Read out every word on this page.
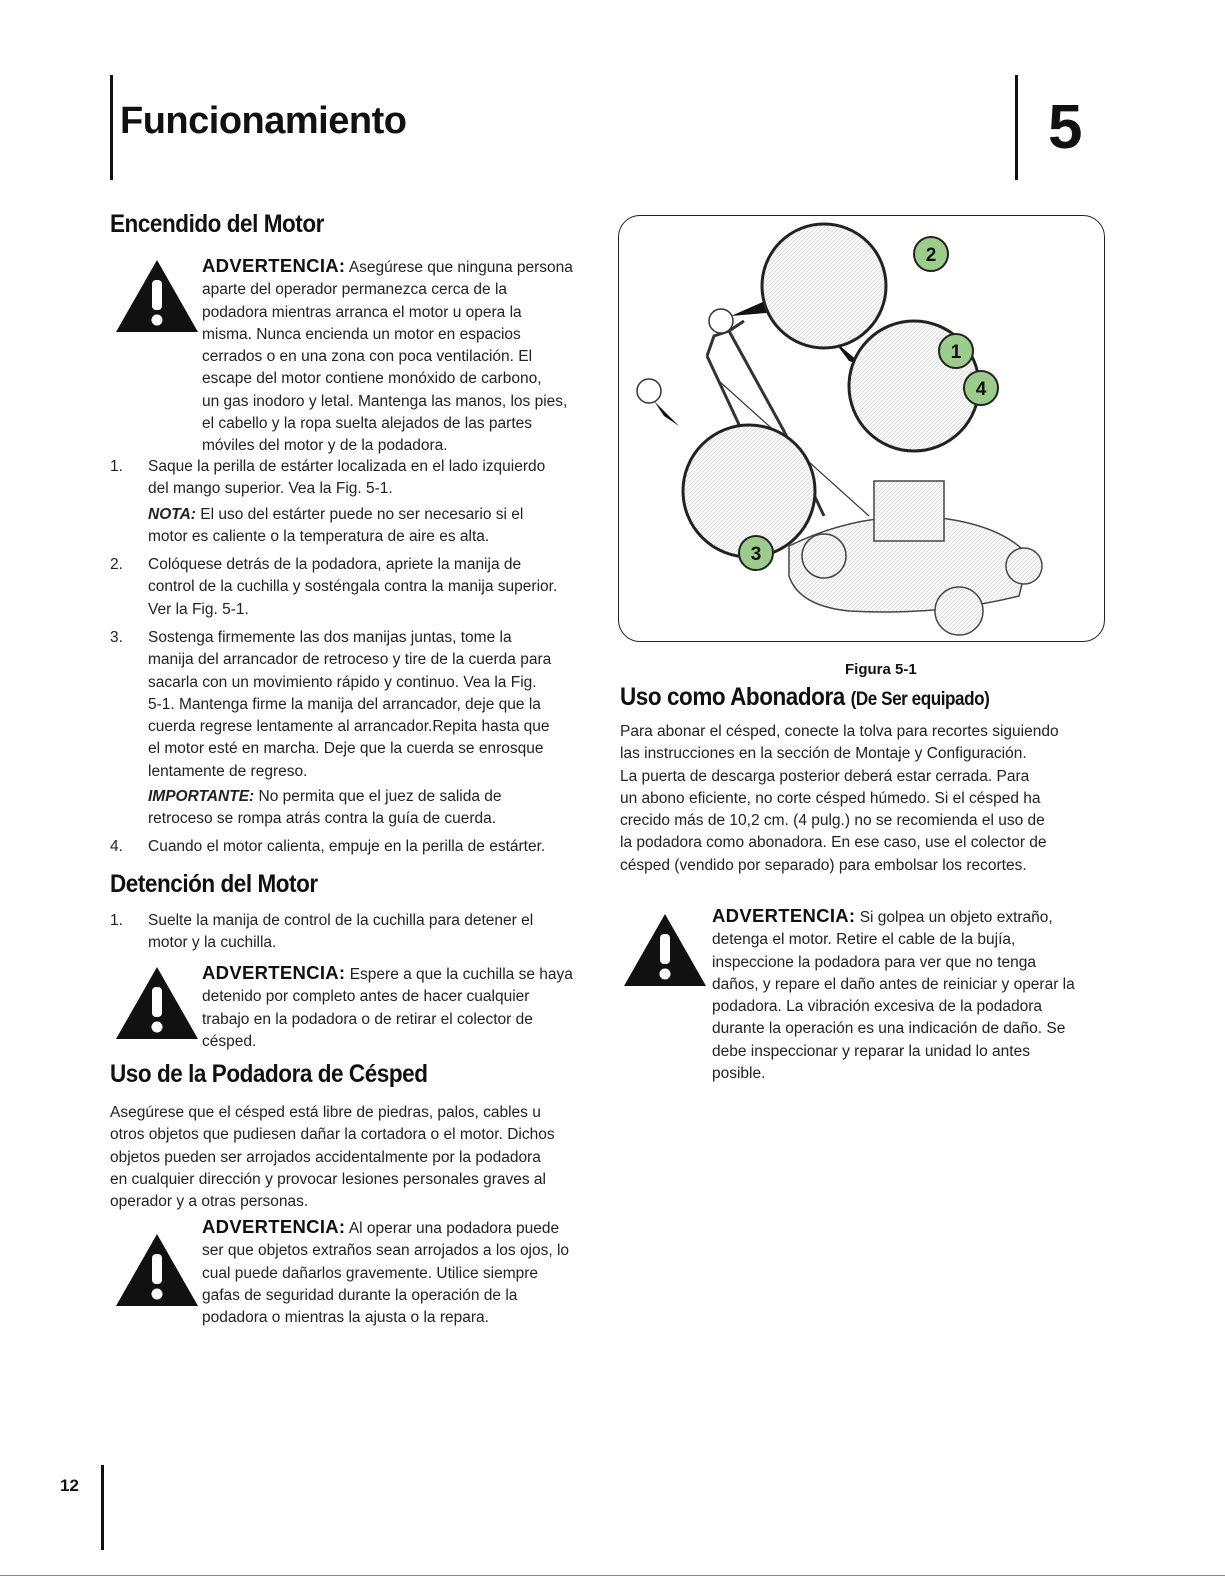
Funcionamiento	5
Encendido del Motor
ADVERTENCIA: Asegúrese que ninguna persona
aparte del operador permanezca cerca de la
podadora mientras arranca el motor u opera la
misma. Nunca encienda un motor en espacios
cerrados o en una zona con poca ventilación. El
escape del motor contiene monóxido de carbono,
un gas inodoro y letal. Mantenga las manos, los pies,
el cabello y la ropa suelta alejados de las partes
móviles del motor y de la podadora.
1. Saque la perilla de estárter localizada en el lado izquierdo
del mango superior. Vea la Fig. 5-1.
NOTA: El uso del estárter puede no ser necesario si el
motor es caliente o la temperatura de aire es alta.
2. Colóquese detrás de la podadora, apriete la manija de
control de la cuchilla y sosténgala contra la manija superior.
Ver la Fig. 5-1.
3. Sostenga firmemente las dos manijas juntas, tome la
manija del arrancador de retroceso y tire de la cuerda para
sacarla con un movimiento rápido y continuo. Vea la Fig.
5-1. Mantenga firme la manija del arrancador, deje que la
cuerda regrese lentamente al arrancador.Repita hasta que
el motor esté en marcha. Deje que la cuerda se enrosque
lentamente de regreso.
IMPORTANTE: No permita que el juez de salida de
retroceso se rompa atrás contra la guía de cuerda.
4. Cuando el motor calienta, empuje en la perilla de estárter.
Detención del Motor
1. Suelte la manija de control de la cuchilla para detener el
motor y la cuchilla.
ADVERTENCIA: Espere a que la cuchilla se haya
detenido por completo antes de hacer cualquier
trabajo en la podadora o de retirar el colector de
césped.
Uso de la Podadora de Césped
Asegúrese que el césped está libre de piedras, palos, cables u
otros objetos que pudiesen dañar la cortadora o el motor. Dichos
objetos pueden ser arrojados accidentalmente por la podadora
en cualquier dirección y provocar lesiones personales graves al
operador y a otras personas.
ADVERTENCIA: Al operar una podadora puede
ser que objetos extraños sean arrojados a los ojos, lo
cual puede dañarlos gravemente. Utilice siempre
gafas de seguridad durante la operación de la
podadora o mientras la ajusta o la repara.
2
1
4
3
Figura 5-1
Uso como Abonadora (De Ser equipado)
Para abonar el césped, conecte la tolva para recortes siguiendo
las instrucciones en la sección de Montaje y Configuración.
La puerta de descarga posterior deberá estar cerrada. Para
un abono eficiente, no corte césped húmedo. Si el césped ha
crecido más de 10,2 cm. (4 pulg.) no se recomienda el uso de
la podadora como abonadora. En ese caso, use el colector de
césped (vendido por separado) para embolsar los recortes.
ADVERTENCIA: Si golpea un objeto extraño,
detenga el motor. Retire el cable de la bujía,
inspeccione la podadora para ver que no tenga
daños, y repare el daño antes de reiniciar y operar la
podadora. La vibración excesiva de la podadora
durante la operación es una indicación de daño. Se
debe inspeccionar y reparar la unidad lo antes
posible.
12
